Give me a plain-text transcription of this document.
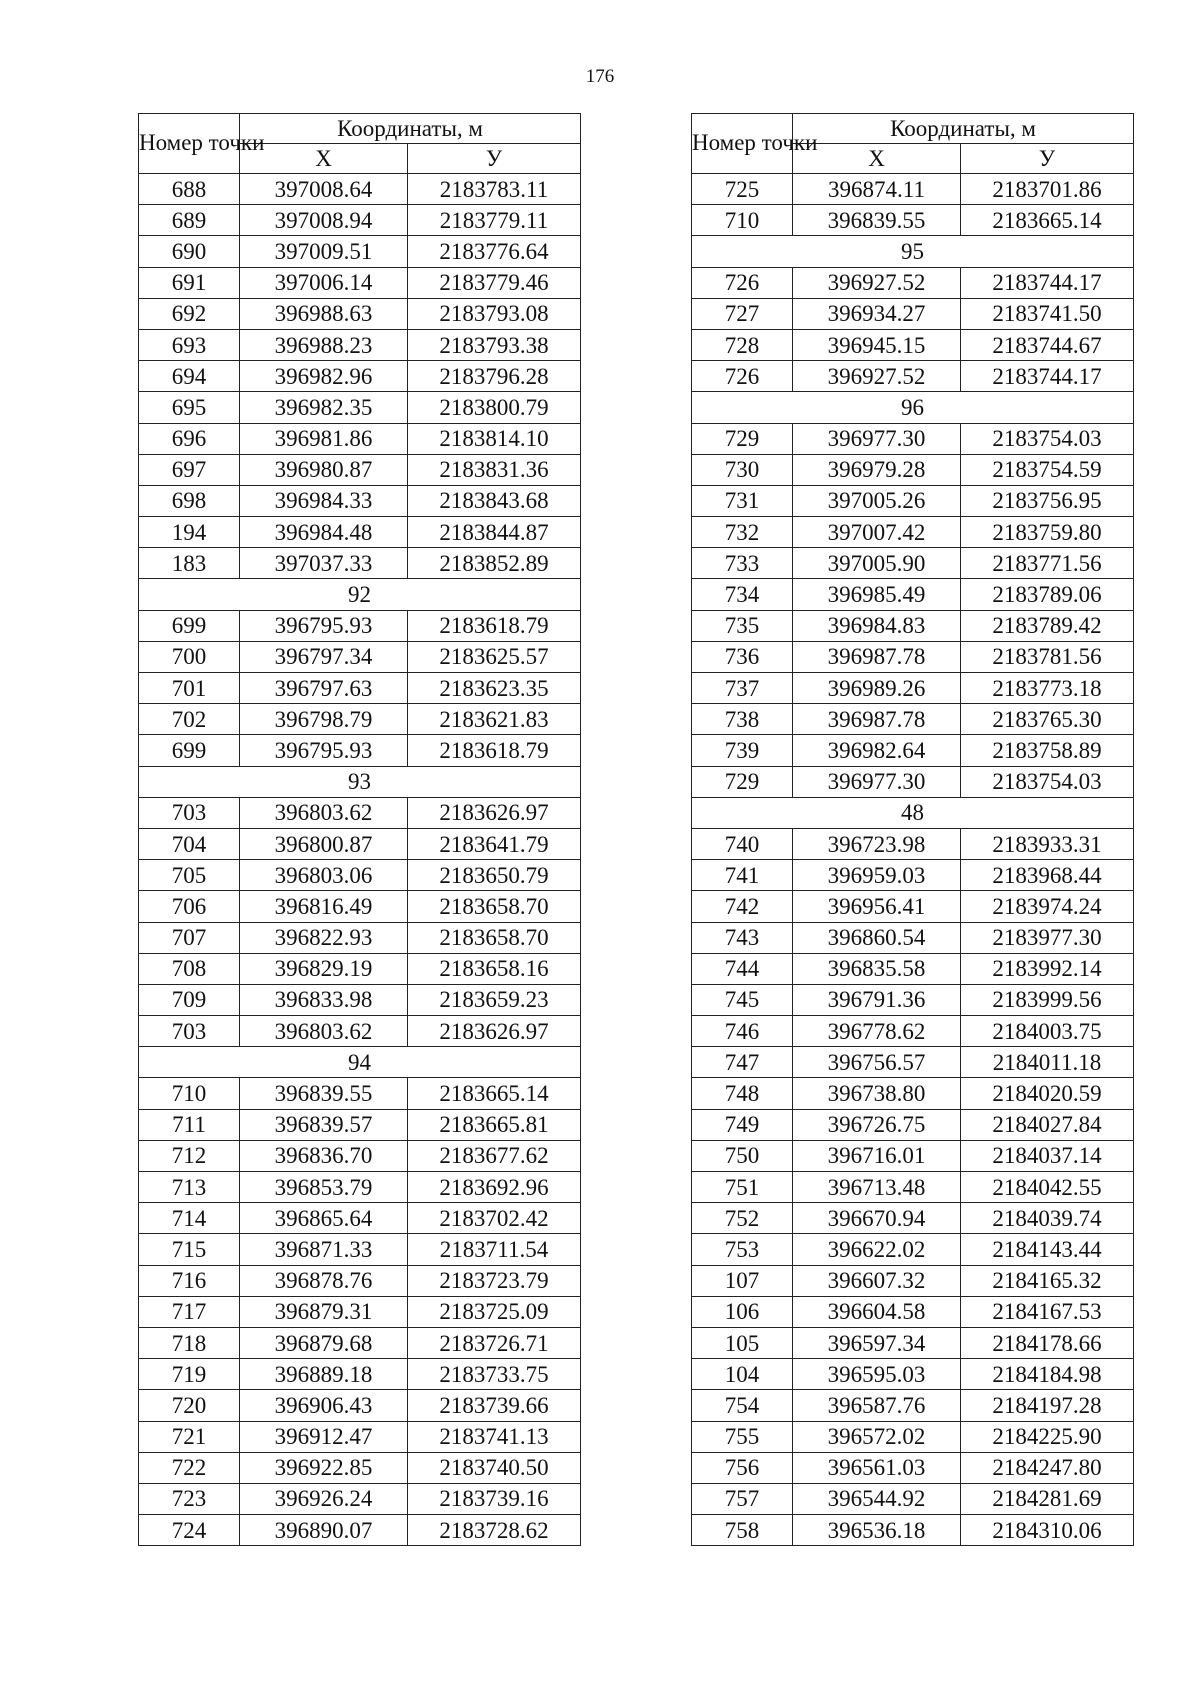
176
Номер точки	Координаты, м	
	X	У
688	397008.64	2183783.11
689	397008.94	2183779.11
690	397009.51	2183776.64
691	397006.14	2183779.46
692	396988.63	2183793.08
693	396988.23	2183793.38
694	396982.96	2183796.28
695	396982.35	2183800.79
696	396981.86	2183814.10
697	396980.87	2183831.36
698	396984.33	2183843.68
194	396984.48	2183844.87
183	397037.33	2183852.89
92		
699	396795.93	2183618.79
700	396797.34	2183625.57
701	396797.63	2183623.35
702	396798.79	2183621.83
699	396795.93	2183618.79
93		
703	396803.62	2183626.97
704	396800.87	2183641.79
705	396803.06	2183650.79
706	396816.49	2183658.70
707	396822.93	2183658.70
708	396829.19	2183658.16
709	396833.98	2183659.23
703	396803.62	2183626.97
94		
710	396839.55	2183665.14
711	396839.57	2183665.81
712	396836.70	2183677.62
713	396853.79	2183692.96
714	396865.64	2183702.42
715	396871.33	2183711.54
716	396878.76	2183723.79
717	396879.31	2183725.09
718	396879.68	2183726.71
719	396889.18	2183733.75
720	396906.43	2183739.66
721	396912.47	2183741.13
722	396922.85	2183740.50
723	396926.24	2183739.16
724	396890.07	2183728.62
Номер точки	Координаты, м	
	X	У
725	396874.11	2183701.86
710	396839.55	2183665.14
95		
726	396927.52	2183744.17
727	396934.27	2183741.50
728	396945.15	2183744.67
726	396927.52	2183744.17
96		
729	396977.30	2183754.03
730	396979.28	2183754.59
731	397005.26	2183756.95
732	397007.42	2183759.80
733	397005.90	2183771.56
734	396985.49	2183789.06
735	396984.83	2183789.42
736	396987.78	2183781.56
737	396989.26	2183773.18
738	396987.78	2183765.30
739	396982.64	2183758.89
729	396977.30	2183754.03
48		
740	396723.98	2183933.31
741	396959.03	2183968.44
742	396956.41	2183974.24
743	396860.54	2183977.30
744	396835.58	2183992.14
745	396791.36	2183999.56
746	396778.62	2184003.75
747	396756.57	2184011.18
748	396738.80	2184020.59
749	396726.75	2184027.84
750	396716.01	2184037.14
751	396713.48	2184042.55
752	396670.94	2184039.74
753	396622.02	2184143.44
107	396607.32	2184165.32
106	396604.58	2184167.53
105	396597.34	2184178.66
104	396595.03	2184184.98
754	396587.76	2184197.28
755	396572.02	2184225.90
756	396561.03	2184247.80
757	396544.92	2184281.69
758	396536.18	2184310.06
